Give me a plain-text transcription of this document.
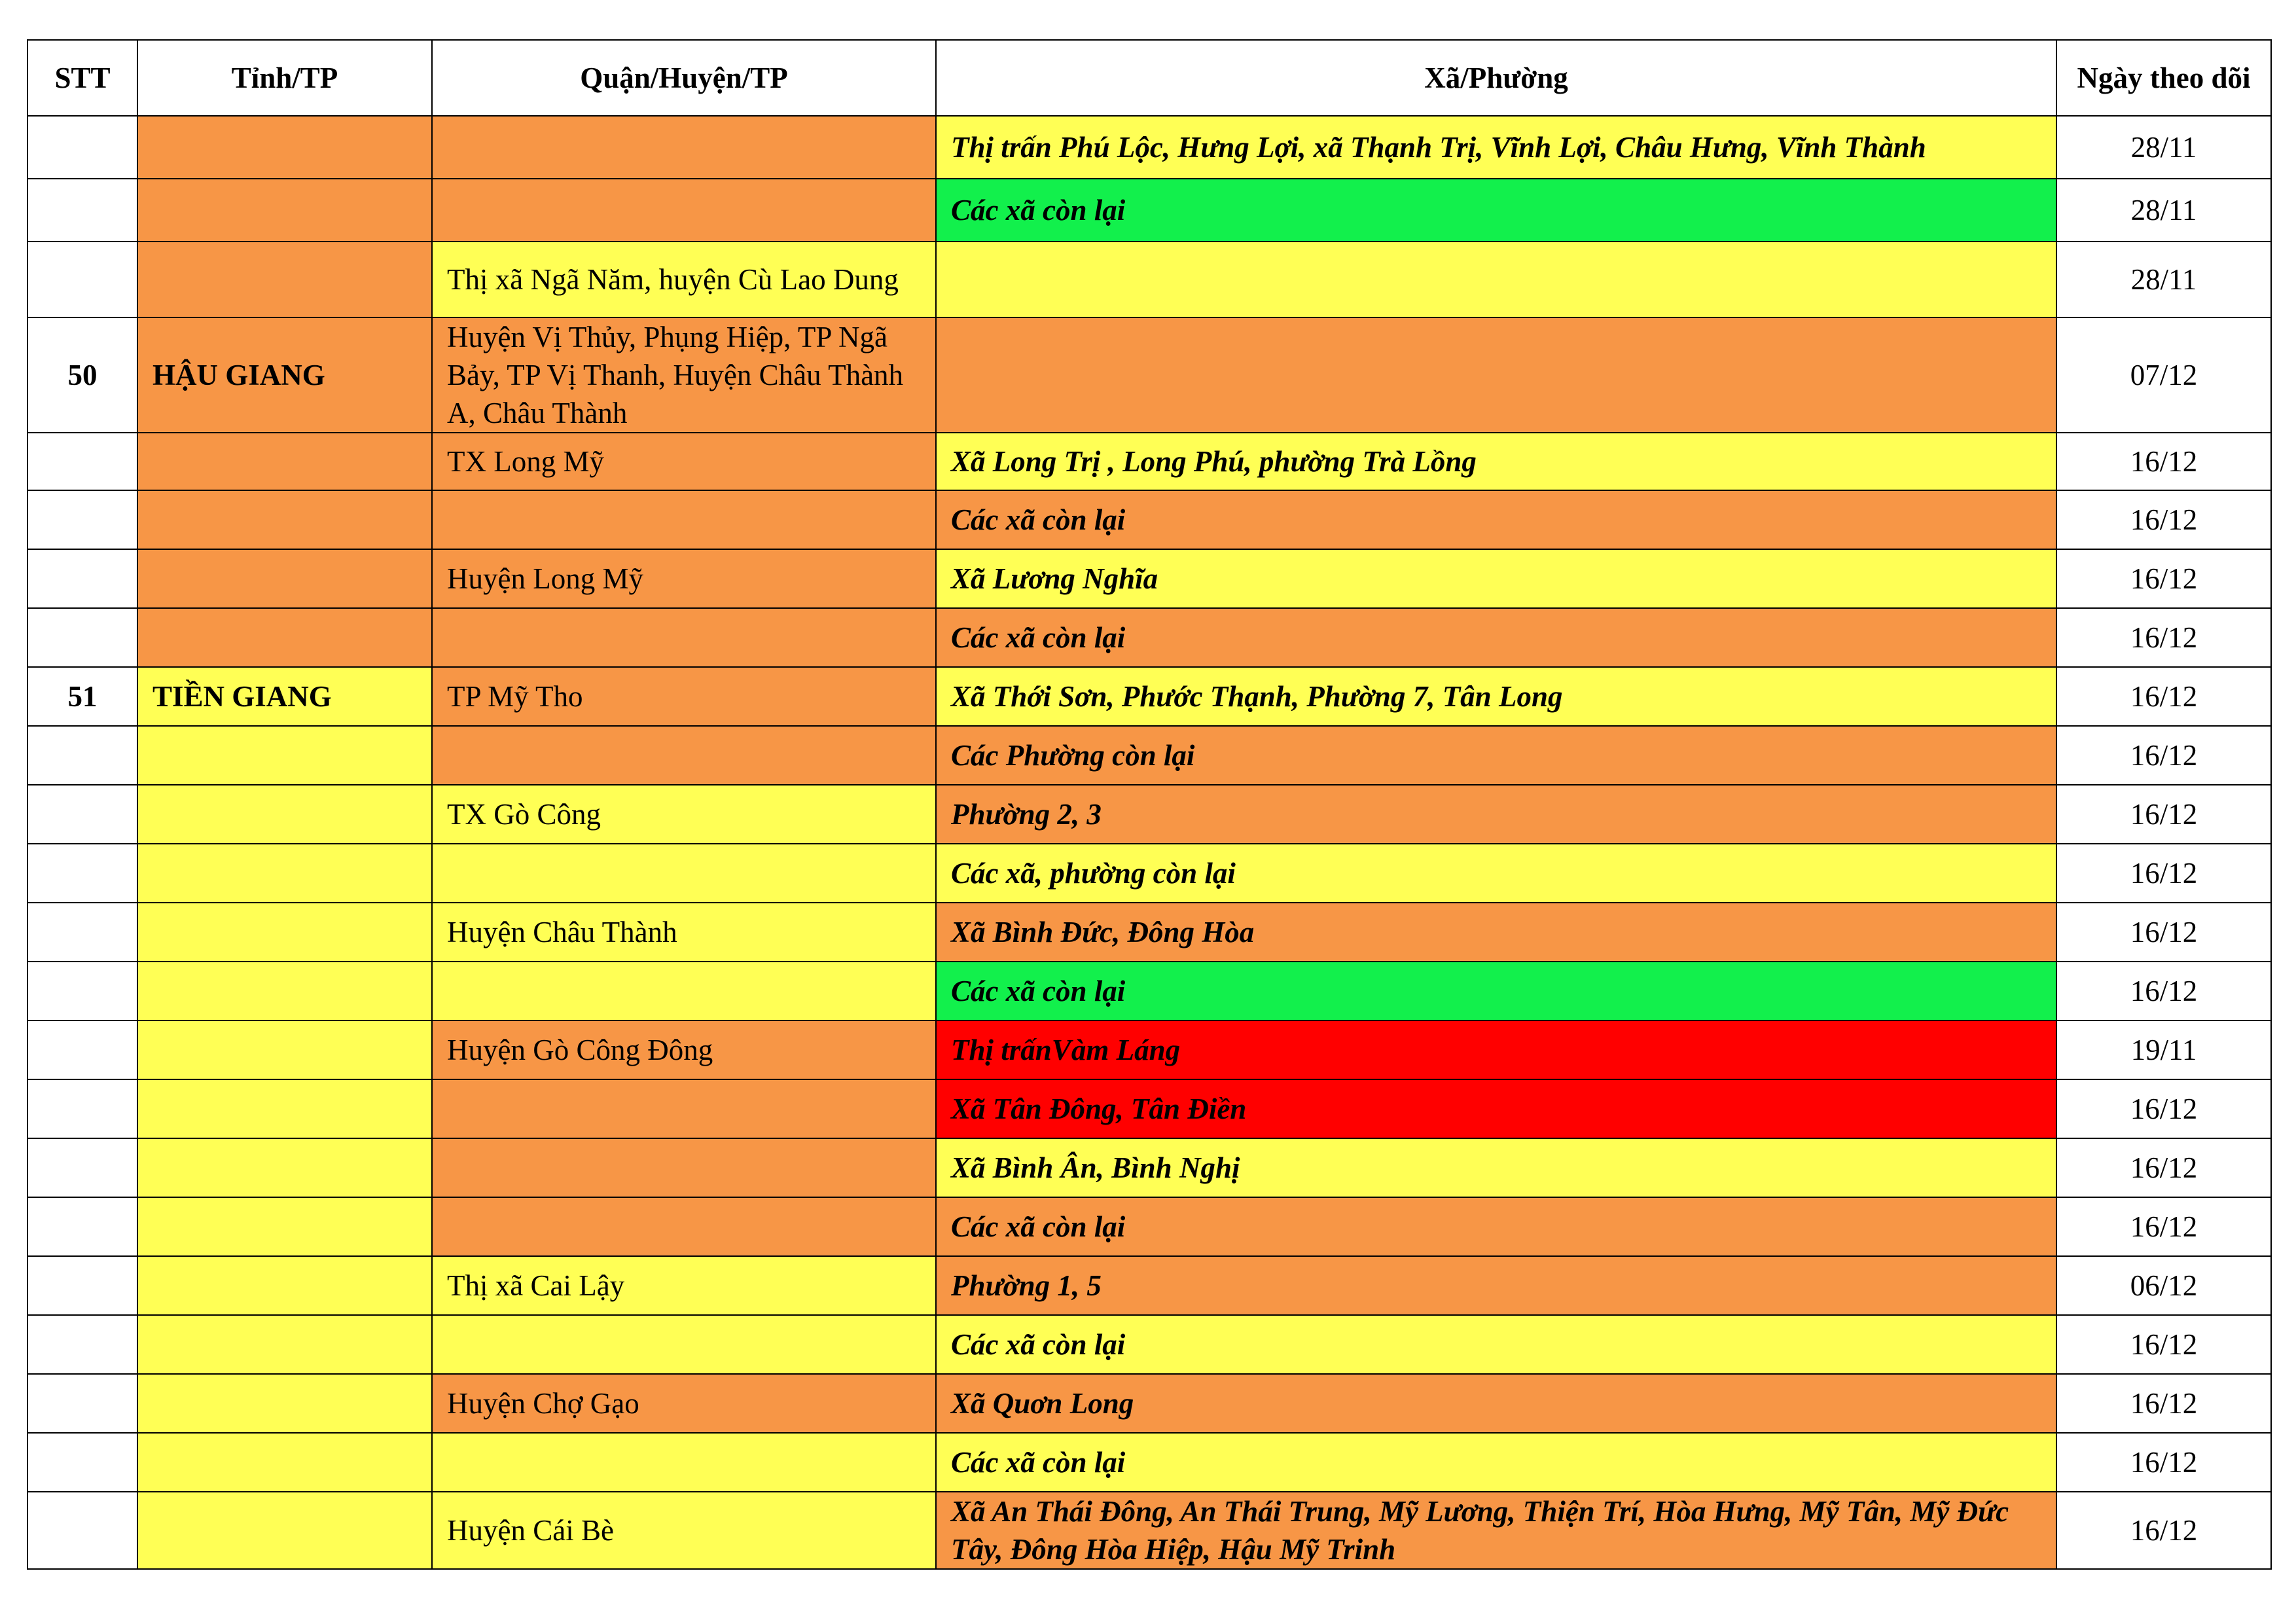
STT	Tỉnh/TP	Quận/Huyện/TP	Xã/Phường	Ngày theo dõi
			Thị trấn Phú Lộc, Hưng Lợi, xã Thạnh Trị, Vĩnh Lợi, Châu Hưng, Vĩnh Thành	28/11
			Các xã còn lại	28/11
		Thị xã Ngã Năm, huyện Cù Lao Dung		28/11
50	HẬU GIANG	Huyện Vị Thủy, Phụng Hiệp, TP Ngã Bảy, TP Vị Thanh, Huyện Châu Thành A, Châu Thành		07/12
		TX Long Mỹ	Xã Long Trị , Long Phú, phường Trà Lồng	16/12
			Các xã còn lại	16/12
		Huyện Long Mỹ	Xã Lương Nghĩa	16/12
			Các xã còn lại	16/12
51	TIỀN GIANG	TP Mỹ Tho	Xã Thới Sơn, Phước Thạnh, Phường 7, Tân Long	16/12
			Các Phường còn lại	16/12
		TX Gò Công	Phường 2, 3	16/12
			Các xã, phường còn lại	16/12
		Huyện Châu Thành	Xã Bình Đức, Đông Hòa	16/12
			Các xã còn lại	16/12
		Huyện Gò Công Đông	Thị trấnVàm Láng	19/11
			Xã Tân Đông, Tân Điền	16/12
			Xã Bình Ân, Bình Nghị	16/12
			Các xã còn lại	16/12
		Thị xã Cai Lậy	Phường 1, 5	06/12
			Các xã còn lại	16/12
		Huyện Chợ Gạo	Xã Quơn Long	16/12
			Các xã còn lại	16/12
		Huyện Cái Bè	Xã An Thái Đông, An Thái Trung, Mỹ Lương, Thiện Trí, Hòa Hưng, Mỹ Tân, Mỹ Đức Tây, Đông Hòa Hiệp, Hậu Mỹ Trinh	16/12
